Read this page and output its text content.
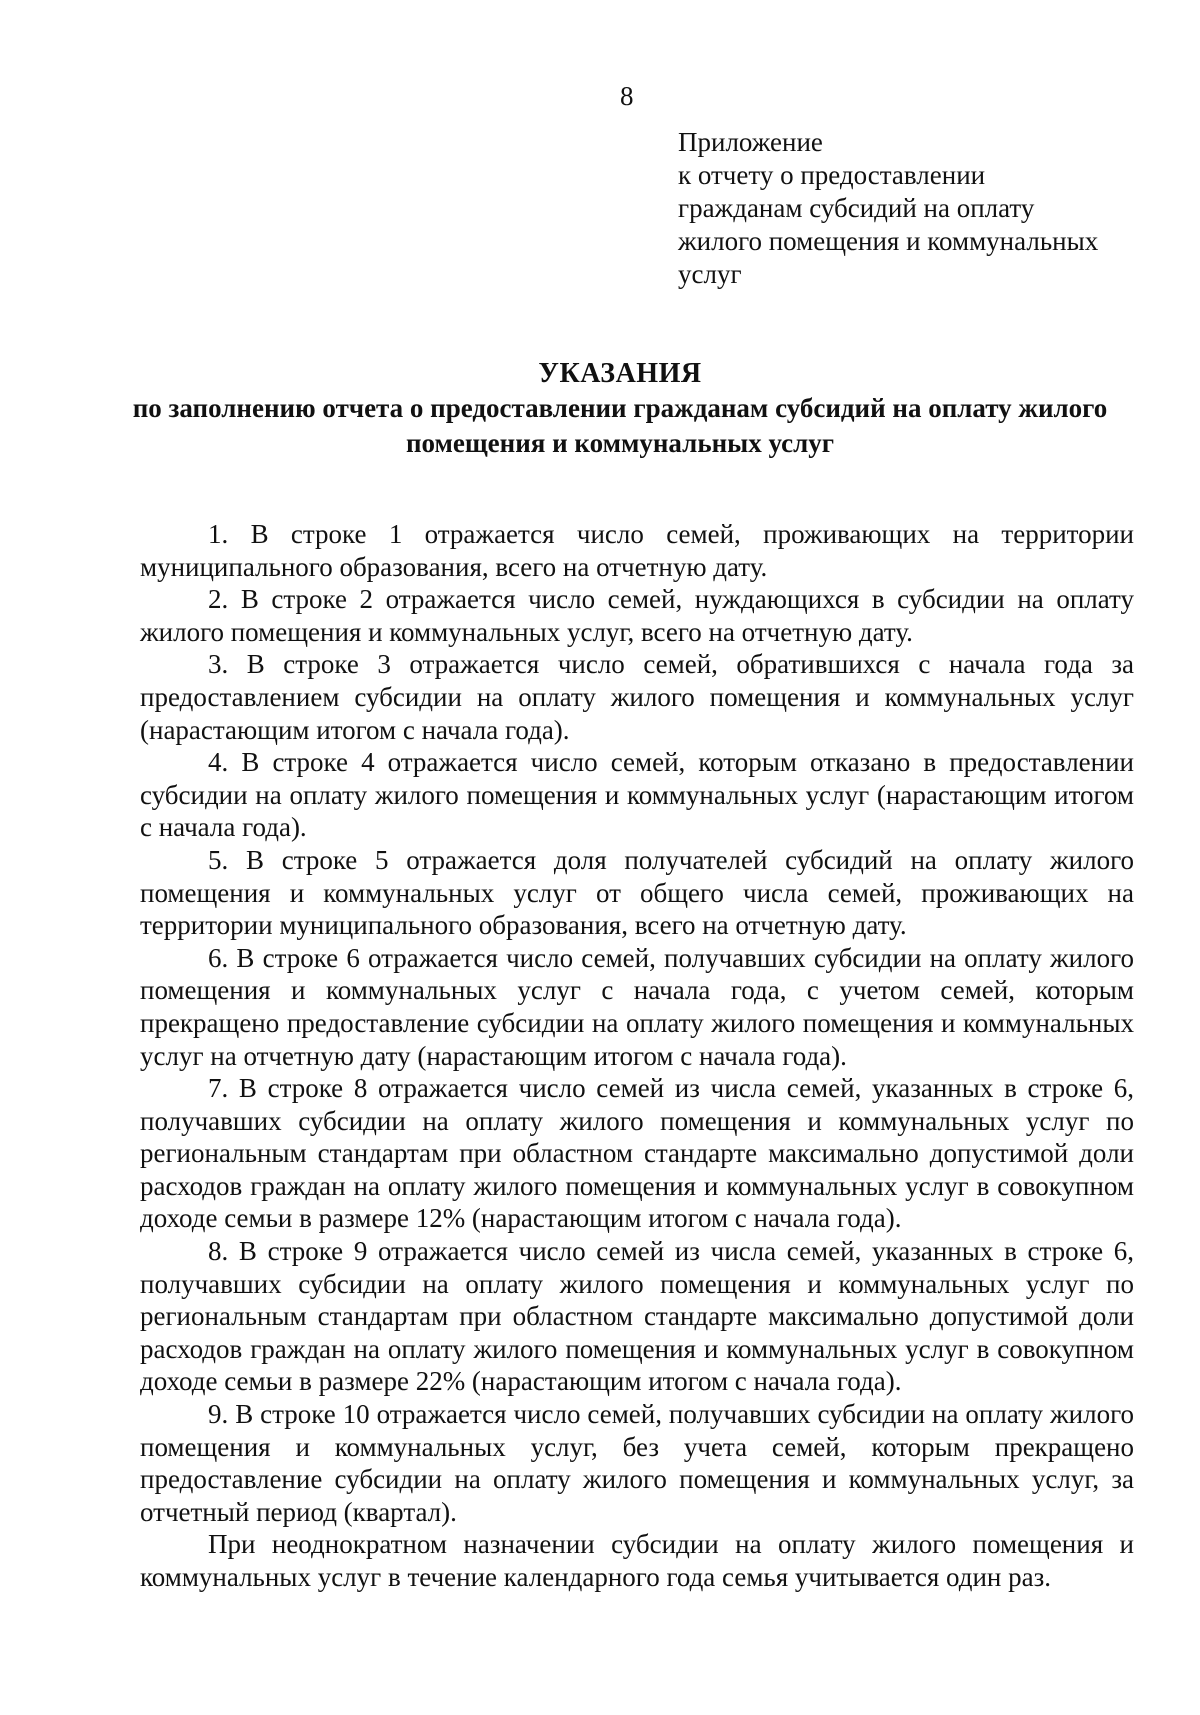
8
Приложение
к отчету о предоставлении
гражданам субсидий на оплату
жилого помещения и коммунальных
услуг
УКАЗАНИЯ
по заполнению отчета о предоставлении гражданам субсидий на оплату жилого помещения и коммунальных услуг

1. В строке 1 отражается число семей, проживающих на территории муниципального образования, всего на отчетную дату.

2. В строке 2 отражается число семей, нуждающихся в субсидии на оплату жилого помещения и коммунальных услуг, всего на отчетную дату.

3. В строке 3 отражается число семей, обратившихся с начала года за предоставлением субсидии на оплату жилого помещения и коммунальных услуг (нарастающим итогом с начала года).

4. В строке 4 отражается число семей, которым отказано в предоставлении субсидии на оплату жилого помещения и коммунальных услуг (нарастающим итогом с начала года).

5. В строке 5 отражается доля получателей субсидий на оплату жилого помещения и коммунальных услуг от общего числа семей, проживающих на территории муниципального образования, всего на отчетную дату.

6. В строке 6 отражается число семей, получавших субсидии на оплату жилого помещения и коммунальных услуг с начала года, с учетом семей, которым прекращено предоставление субсидии на оплату жилого помещения и коммунальных услуг на отчетную дату (нарастающим итогом с начала года).

7. В строке 8 отражается число семей из числа семей, указанных в строке 6, получавших субсидии на оплату жилого помещения и коммунальных услуг по региональным стандартам при областном стандарте максимально допустимой доли расходов граждан на оплату жилого помещения и коммунальных услуг в совокупном доходе семьи в размере 12% (нарастающим итогом с начала года).

8. В строке 9 отражается число семей из числа семей, указанных в строке 6, получавших субсидии на оплату жилого помещения и коммунальных услуг по региональным стандартам при областном стандарте максимально допустимой доли расходов граждан на оплату жилого помещения и коммунальных услуг в совокупном доходе семьи в размере 22% (нарастающим итогом с начала года).

9. В строке 10 отражается число семей, получавших субсидии на оплату жилого помещения и коммунальных услуг, без учета семей, которым прекращено предоставление субсидии на оплату жилого помещения и коммунальных услуг, за отчетный период (квартал).

При неоднократном назначении субсидии на оплату жилого помещения и коммунальных услуг в течение календарного года семья учитывается один раз.
